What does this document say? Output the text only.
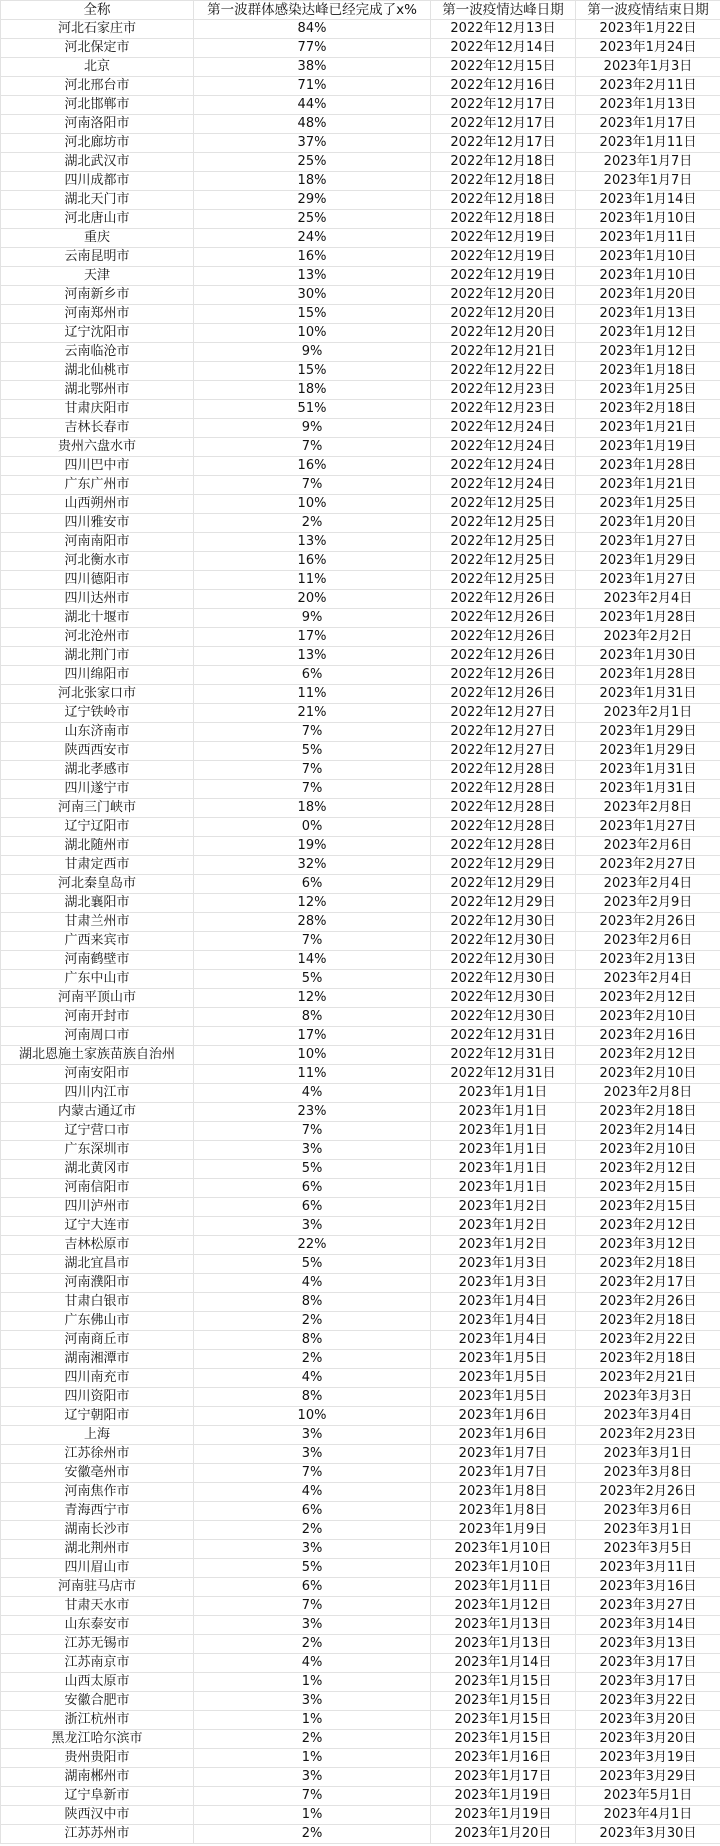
全称	第一波群体感染达峰已经完成了x%	第一波疫情达峰日期	第一波疫情结束日期
河北石家庄市	84%	2022年12月13日	2023年1月22日
河北保定市	77%	2022年12月14日	2023年1月24日
北京	38%	2022年12月15日	2023年1月3日
河北邢台市	71%	2022年12月16日	2023年2月11日
河北邯郸市	44%	2022年12月17日	2023年1月13日
河南洛阳市	48%	2022年12月17日	2023年1月17日
河北廊坊市	37%	2022年12月17日	2023年1月11日
湖北武汉市	25%	2022年12月18日	2023年1月7日
四川成都市	18%	2022年12月18日	2023年1月7日
湖北天门市	29%	2022年12月18日	2023年1月14日
河北唐山市	25%	2022年12月18日	2023年1月10日
重庆	24%	2022年12月19日	2023年1月11日
云南昆明市	16%	2022年12月19日	2023年1月10日
天津	13%	2022年12月19日	2023年1月10日
河南新乡市	30%	2022年12月20日	2023年1月20日
河南郑州市	15%	2022年12月20日	2023年1月13日
辽宁沈阳市	10%	2022年12月20日	2023年1月12日
云南临沧市	9%	2022年12月21日	2023年1月12日
湖北仙桃市	15%	2022年12月22日	2023年1月18日
湖北鄂州市	18%	2022年12月23日	2023年1月25日
甘肃庆阳市	51%	2022年12月23日	2023年2月18日
吉林长春市	9%	2022年12月24日	2023年1月21日
贵州六盘水市	7%	2022年12月24日	2023年1月19日
四川巴中市	16%	2022年12月24日	2023年1月28日
广东广州市	7%	2022年12月24日	2023年1月21日
山西朔州市	10%	2022年12月25日	2023年1月25日
四川雅安市	2%	2022年12月25日	2023年1月20日
河南南阳市	13%	2022年12月25日	2023年1月27日
河北衡水市	16%	2022年12月25日	2023年1月29日
四川德阳市	11%	2022年12月25日	2023年1月27日
四川达州市	20%	2022年12月26日	2023年2月4日
湖北十堰市	9%	2022年12月26日	2023年1月28日
河北沧州市	17%	2022年12月26日	2023年2月2日
湖北荆门市	13%	2022年12月26日	2023年1月30日
四川绵阳市	6%	2022年12月26日	2023年1月28日
河北张家口市	11%	2022年12月26日	2023年1月31日
辽宁铁岭市	21%	2022年12月27日	2023年2月1日
山东济南市	7%	2022年12月27日	2023年1月29日
陕西西安市	5%	2022年12月27日	2023年1月29日
湖北孝感市	7%	2022年12月28日	2023年1月31日
四川遂宁市	7%	2022年12月28日	2023年1月31日
河南三门峡市	18%	2022年12月28日	2023年2月8日
辽宁辽阳市	0%	2022年12月28日	2023年1月27日
湖北随州市	19%	2022年12月28日	2023年2月6日
甘肃定西市	32%	2022年12月29日	2023年2月27日
河北秦皇岛市	6%	2022年12月29日	2023年2月4日
湖北襄阳市	12%	2022年12月29日	2023年2月9日
甘肃兰州市	28%	2022年12月30日	2023年2月26日
广西来宾市	7%	2022年12月30日	2023年2月6日
河南鹤壁市	14%	2022年12月30日	2023年2月13日
广东中山市	5%	2022年12月30日	2023年2月4日
河南平顶山市	12%	2022年12月30日	2023年2月12日
河南开封市	8%	2022年12月30日	2023年2月10日
河南周口市	17%	2022年12月31日	2023年2月16日
湖北恩施土家族苗族自治州	10%	2022年12月31日	2023年2月12日
河南安阳市	11%	2022年12月31日	2023年2月10日
四川内江市	4%	2023年1月1日	2023年2月8日
内蒙古通辽市	23%	2023年1月1日	2023年2月18日
辽宁营口市	7%	2023年1月1日	2023年2月14日
广东深圳市	3%	2023年1月1日	2023年2月10日
湖北黄冈市	5%	2023年1月1日	2023年2月12日
河南信阳市	6%	2023年1月1日	2023年2月15日
四川泸州市	6%	2023年1月2日	2023年2月15日
辽宁大连市	3%	2023年1月2日	2023年2月12日
吉林松原市	22%	2023年1月2日	2023年3月12日
湖北宜昌市	5%	2023年1月3日	2023年2月18日
河南濮阳市	4%	2023年1月3日	2023年2月17日
甘肃白银市	8%	2023年1月4日	2023年2月26日
广东佛山市	2%	2023年1月4日	2023年2月18日
河南商丘市	8%	2023年1月4日	2023年2月22日
湖南湘潭市	2%	2023年1月5日	2023年2月18日
四川南充市	4%	2023年1月5日	2023年2月21日
四川资阳市	8%	2023年1月5日	2023年3月3日
辽宁朝阳市	10%	2023年1月6日	2023年3月4日
上海	3%	2023年1月6日	2023年2月23日
江苏徐州市	3%	2023年1月7日	2023年3月1日
安徽亳州市	7%	2023年1月7日	2023年3月8日
河南焦作市	4%	2023年1月8日	2023年2月26日
青海西宁市	6%	2023年1月8日	2023年3月6日
湖南长沙市	2%	2023年1月9日	2023年3月1日
湖北荆州市	3%	2023年1月10日	2023年3月5日
四川眉山市	5%	2023年1月10日	2023年3月11日
河南驻马店市	6%	2023年1月11日	2023年3月16日
甘肃天水市	7%	2023年1月12日	2023年3月27日
山东泰安市	3%	2023年1月13日	2023年3月14日
江苏无锡市	2%	2023年1月13日	2023年3月13日
江苏南京市	4%	2023年1月14日	2023年3月17日
山西太原市	1%	2023年1月15日	2023年3月17日
安徽合肥市	3%	2023年1月15日	2023年3月22日
浙江杭州市	1%	2023年1月15日	2023年3月20日
黑龙江哈尔滨市	2%	2023年1月15日	2023年3月20日
贵州贵阳市	1%	2023年1月16日	2023年3月19日
湖南郴州市	3%	2023年1月17日	2023年3月29日
辽宁阜新市	7%	2023年1月19日	2023年5月1日
陕西汉中市	1%	2023年1月19日	2023年4月1日
江苏苏州市	2%	2023年1月20日	2023年3月30日
